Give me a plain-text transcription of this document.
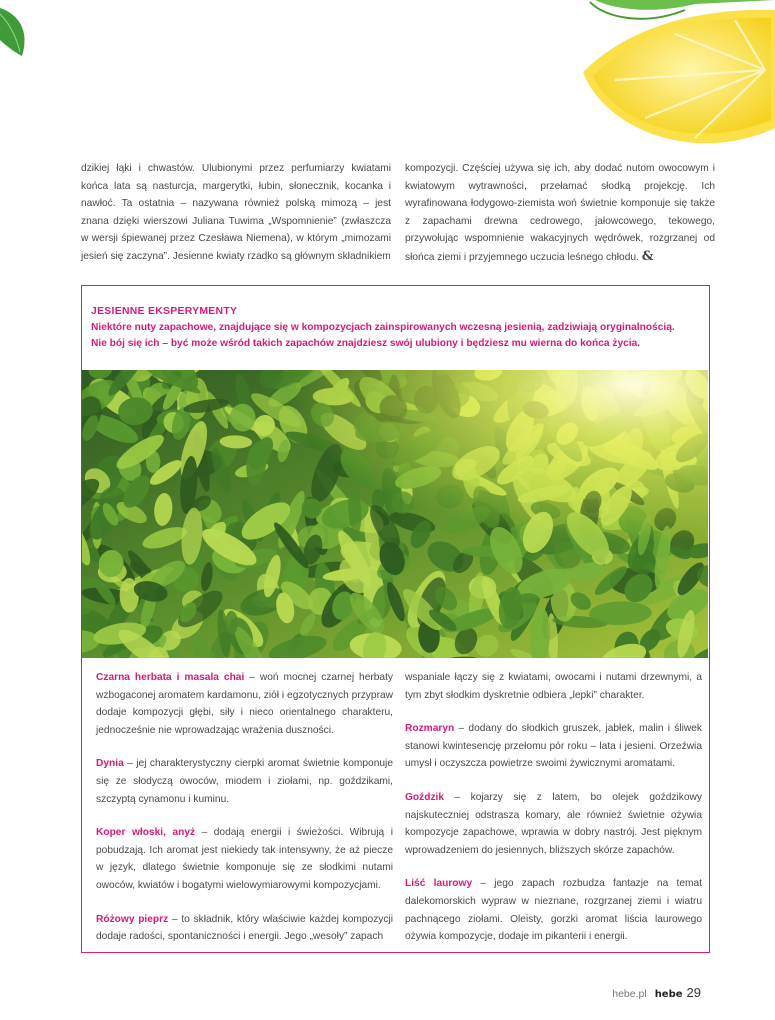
dzikiej łąki i chwastów. Ulubionymi przez perfumiarzy kwiatami końca lata są nasturcja, margerytki, łubin, słonecznik, kocanka i nawłoć. Ta ostatnia – nazywana również polską mimozą – jest znana dzięki wierszowi Juliana Tuwima „Wspomnienie” (zwłaszcza w wersji śpiewanej przez Czesława Niemena), w którym „mimozami jesień się zaczyna”. Jesienne kwiaty rzadko są głównym składnikiem
kompozycji. Częściej używa się ich, aby dodać nutom owocowym i kwiatowym wytrawności, przełamać słodką projekcję. Ich wyrafinowana łodygowo-ziemista woń świetnie komponuje się także z zapachami drewna cedrowego, jałowcowego, tekowego, przywołując wspomnienie wakacyjnych wędrówek, rozgrzanej od słońca ziemi i przyjemnego uczucia leśnego chłodu. &
JESIENNE EKSPERYMENTY
Niektóre nuty zapachowe, znajdujące się w kompozycjach zainspirowanych wczesną jesienią, zadziwiają oryginalnością.
Nie bój się ich – być może wśród takich zapachów znajdziesz swój ulubiony i będziesz mu wierna do końca życia.

Czarna herbata i masala chai – woń mocnej czarnej herbaty wzbogaconej aromatem kardamonu, ziół i egzotycznych przypraw dodaje kompozycji głębi, siły i nieco orientalnego charakteru, jednocześnie nie wprowadzając wrażenia duszności.

Dynia – jej charakterystyczny cierpki aromat świetnie komponuje się ze słodyczą owoców, miodem i ziołami, np. goździkami, szczyptą cynamonu i kuminu.

Koper włoski, anyż – dodają energii i świeżości. Wibrują i pobudzają. Ich aromat jest niekiedy tak intensywny, że aż piecze w język, dlatego świetnie komponuje się ze słodkimi nutami owoców, kwiatów i bogatymi wielowymiarowymi kompozycjami.

Różowy pieprz – to składnik, który właściwie każdej kompozycji dodaje radości, spontaniczności i energii. Jego „wesoły” zapach

wspaniale łączy się z kwiatami, owocami i nutami drzewnymi, a tym zbyt słodkim dyskretnie odbiera „lepki” charakter.

Rozmaryn – dodany do słodkich gruszek, jabłek, malin i śliwek stanowi kwintesencję przełomu pór roku – lata i jesieni. Orzeźwia umysł i oczyszcza powietrze swoimi żywicznymi aromatami.

Goździk – kojarzy się z latem, bo olejek goździkowy najskuteczniej odstrasza komary, ale również świetnie ożywia kompozycje zapachowe, wprawia w dobry nastrój. Jest pięknym wprowadzeniem do jesiennych, bliższych skórze zapachów.

Liść laurowy – jego zapach rozbudza fantazje na temat dalekomorskich wypraw w nieznane, rozgrzanej ziemi i wiatru pachnącego ziołami. Oleisty, gorzki aromat liścia laurowego ożywia kompozycje, dodaje im pikanterii i energii.

hebe.pl hebe 29
